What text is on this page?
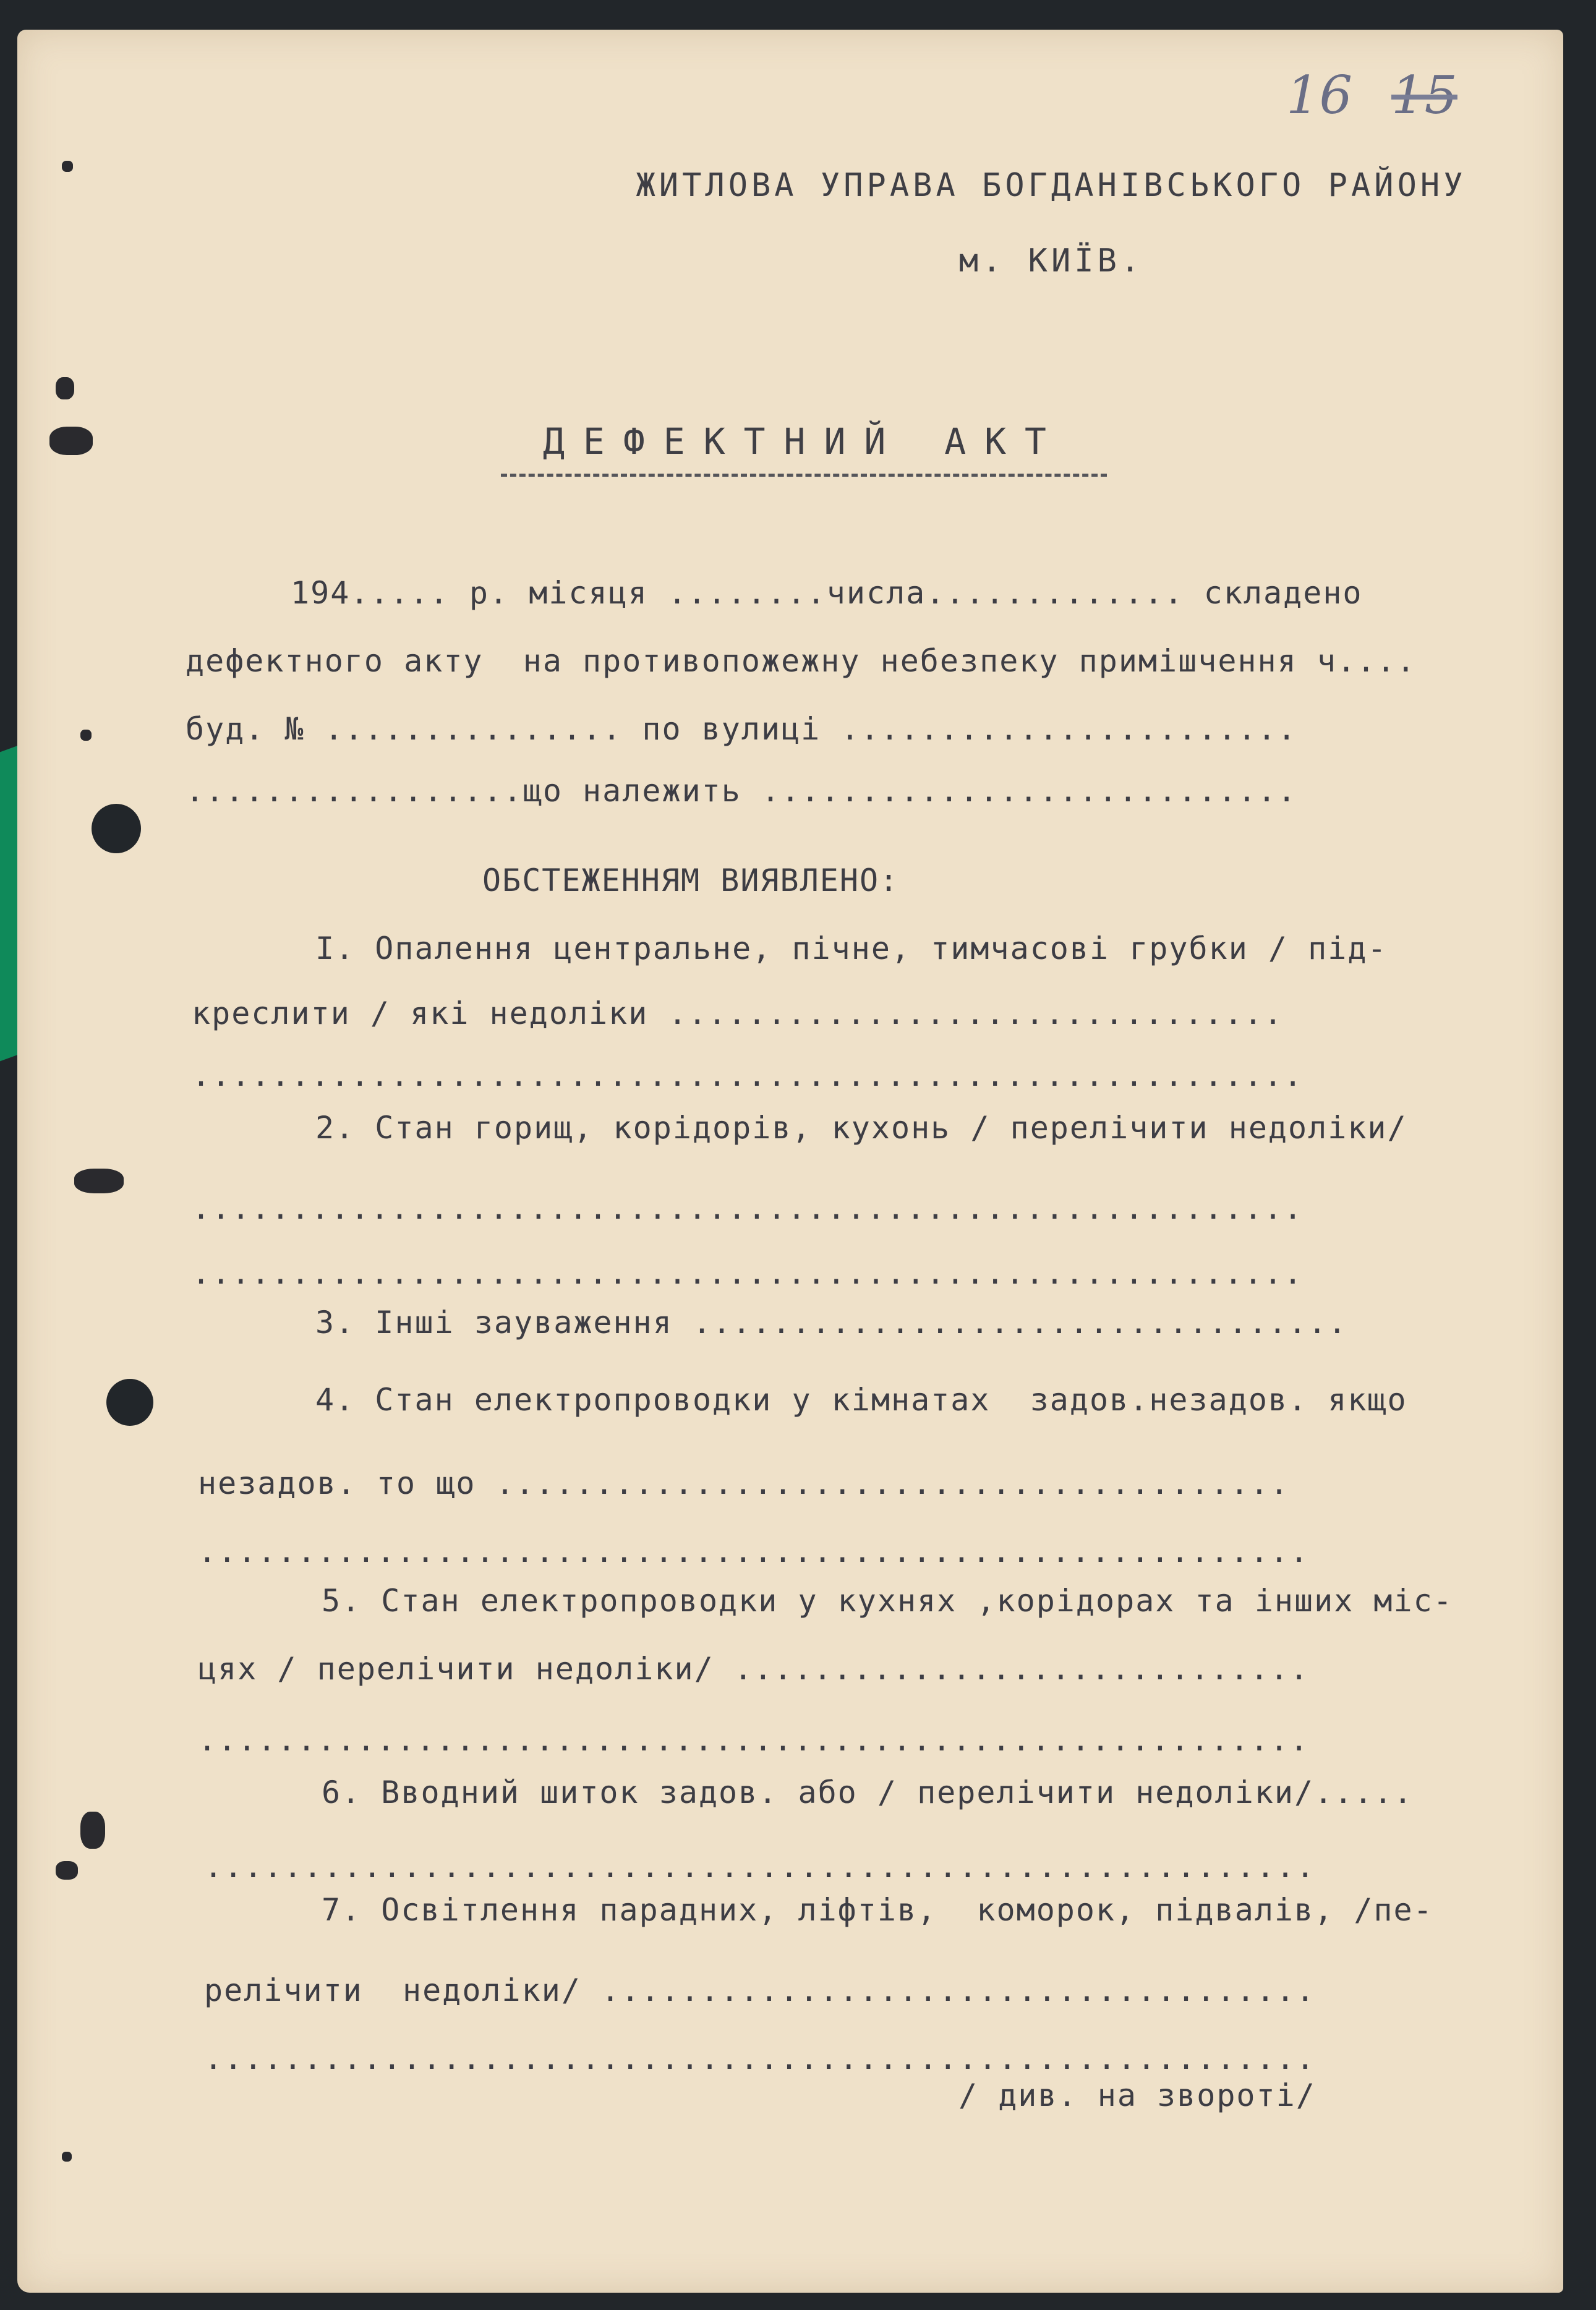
16 15
ЖИТЛОВА УПРАВА БОГДАНІВСЬКОГО РАЙОНУ
м. КИЇВ.
ДЕФЕКТНИЙ АКТ
194..... р. місяця ........числа............. складено
дефектного акту  на противопожежну небезпеку примішчення ч....
буд. № ............... по вулиці .......................
.................що належить ...........................
ОБСТЕЖЕННЯМ ВИЯВЛЕНО:
I. Опалення центральне, пічне, тимчасові грубки / під-
креслити / які недоліки ...............................
........................................................
2. Стан горищ, корідорів, кухонь / перелічити недоліки/
........................................................
........................................................
3. Інші зауваження .................................
4. Стан електропроводки у кімнатах  задов.незадов. якщо
незадов. то що ........................................
........................................................
5. Стан електропроводки у кухнях ,корідорах та інших міс-
цях / перелічити недоліки/ .............................
........................................................
6. Вводний шиток задов. або / перелічити недоліки/.....
........................................................
7. Освітлення парадних, ліфтів,  коморок, підвалів, /пе-
релічити  недоліки/ ....................................
........................................................
/ див. на звороті/
